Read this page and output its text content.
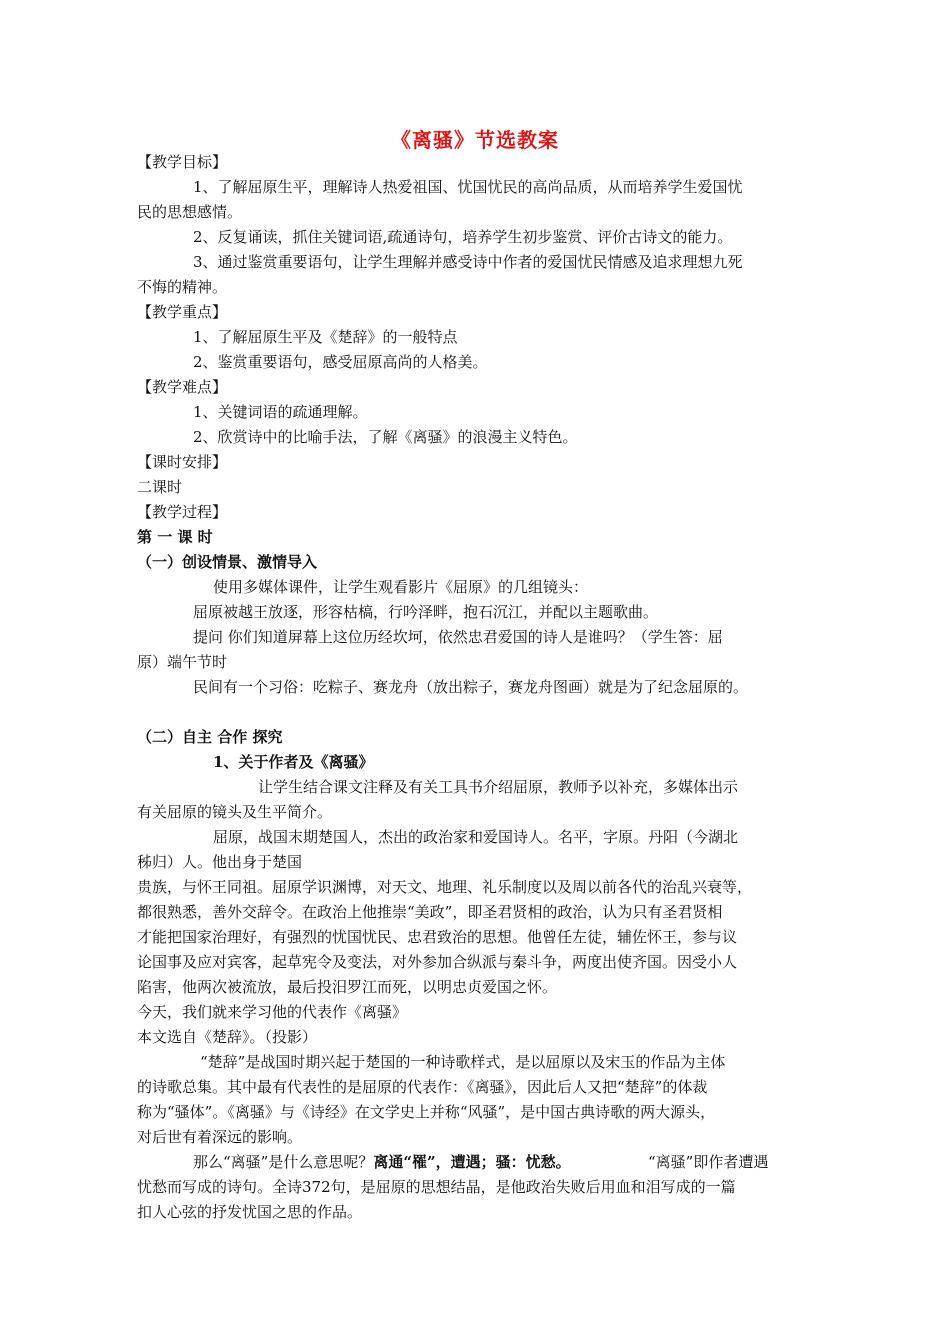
《离骚》节选教案
【教学目标】
1、了解屈原生平，理解诗人热爱祖国、忧国忧民的高尚品质，从而培养学生爱国忧
民的思想感情。
2、反复诵读，抓住关键词语,疏通诗句，培养学生初步鉴赏、评价古诗文的能力。
3、通过鉴赏重要语句，让学生理解并感受诗中作者的爱国忧民情感及追求理想九死
不悔的精神。
【教学重点】
1、了解屈原生平及《楚辞》的一般特点
2、鉴赏重要语句，感受屈原高尚的人格美。
【教学难点】
1、关键词语的疏通理解。
2、欣赏诗中的比喻手法，了解《离骚》的浪漫主义特色。
【课时安排】
二课时
【教学过程】
第 一 课 时
（一）创设情景、激情导入
使用多媒体课件，让学生观看影片《屈原》的几组镜头：
屈原被越王放逐，形容枯槁，行吟泽畔，抱石沉江，并配以主题歌曲。
提问 你们知道屏幕上这位历经坎坷，依然忠君爱国的诗人是谁吗？（学生答：屈
原）端午节时
民间有一个习俗：吃粽子、赛龙舟（放出粽子，赛龙舟图画）就是为了纪念屈原的。
（二）自主 合作 探究
1、关于作者及《离骚》
让学生结合课文注释及有关工具书介绍屈原，教师予以补充，多媒体出示
有关屈原的镜头及生平简介。
屈原，战国末期楚国人，杰出的政治家和爱国诗人。名平，字原。丹阳（今湖北
秭归）人。他出身于楚国
贵族，与怀王同祖。屈原学识渊博，对天文、地理、礼乐制度以及周以前各代的治乱兴衰等，
都很熟悉，善外交辞令。在政治上他推崇“美政”，即圣君贤相的政治，认为只有圣君贤相
才能把国家治理好，有强烈的忧国忧民、忠君致治的思想。他曾任左徒，辅佐怀王，参与议
论国事及应对宾客，起草宪令及变法，对外参加合纵派与秦斗争，两度出使齐国。因受小人
陷害，他两次被流放，最后投汨罗江而死，以明忠贞爱国之怀。
今天，我们就来学习他的代表作《离骚》
本文选自《楚辞》。（投影）
“楚辞”是战国时期兴起于楚国的一种诗歌样式，是以屈原以及宋玉的作品为主体
的诗歌总集。其中最有代表性的是屈原的代表作：《离骚》，因此后人又把“楚辞”的体裁
称为“骚体”。《离骚》与《诗经》在文学史上并称“风骚”，是中国古典诗歌的两大源头，
对后世有着深远的影响。
“离骚”即作者遭遇
忧愁而写成的诗句。全诗372句，是屈原的思想结晶，是他政治失败后用血和泪写成的一篇
扣人心弦的抒发忧国之思的作品。
那么“离骚”是什么意思呢？离通“罹”，遭遇；骚：忧愁。
